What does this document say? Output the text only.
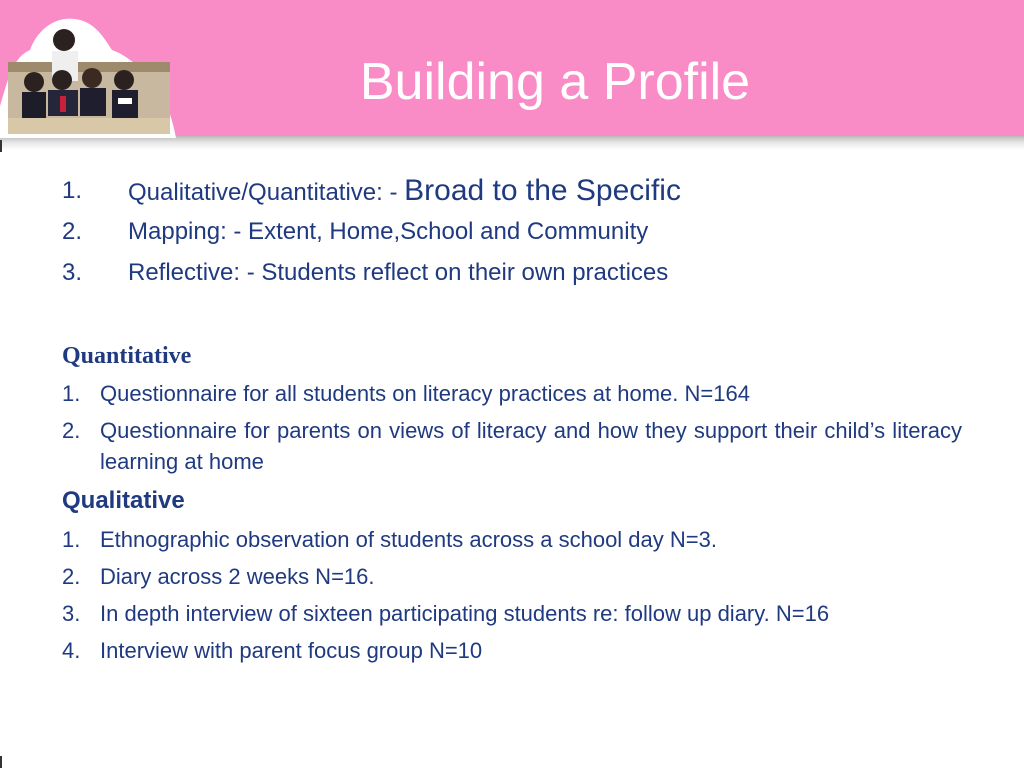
Building a Profile
1. Qualitative/Quantitative: - Broad to the Specific
2. Mapping: - Extent, Home,School and Community
3. Reflective: - Students reflect on their own practices
Quantitative
1. Questionnaire for all students on literacy practices at home. N=164
2. Questionnaire for parents on views of literacy and how they support their child’s literacy learning at home
Qualitative
1. Ethnographic observation of students across a school day N=3.
2. Diary across 2 weeks N=16.
3. In depth interview of sixteen participating students re: follow up diary. N=16
4. Interview with parent focus group N=10
